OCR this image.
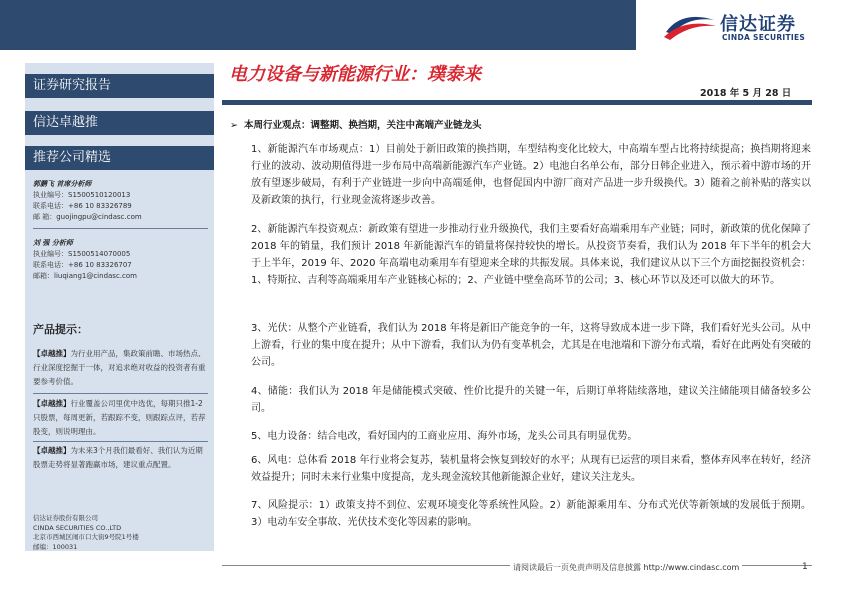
信达证券
CINDA SECURITIES
证券研究报告
信达卓越推
推荐公司精选
郭鹏飞 首席分析师
执业编号：S1500510120013
联系电话：+86 10 83326789
邮 箱：guojingpu@cindasc.com
刘 强 分析师
执业编号：S1500514070005
联系电话：+86 10 83326707
邮箱：liuqiang1@cindasc.com
产品提示：
【卓越推】为行业用产品，集政策前瞻、市场热点、行业深度挖掘于一体，对追求绝对收益的投资者有重要参考价值。
【卓越推】行业覆盖公司里优中选优，每期只推1-2只股票，每周更新，若跟踪不变，则跟踪点评，若荐股变，则说明理由。
【卓越推】为未来3个月我们最看好、我们认为近期股票走势将显著跑赢市场，建议重点配置。
信达证券股份有限公司
CINDA SECURITIES CO.,LTD
北京市西城区闹市口大街9号院1号楼
邮编：100031
电力设备与新能源行业：璞泰来
2018 年 5 月 28 日
➢ 本周行业观点：调整期、换挡期，关注中高端产业链龙头
1、新能源汽车市场观点：1）目前处于新旧政策的换挡期，车型结构变化比较大，中高端车型占比将持续提高；换挡期将迎来行业的波动、波动期值得进一步布局中高端新能源汽车产业链。2）电池白名单公布，部分日韩企业进入，预示着中游市场的开放有望逐步破局，有利于产业链进一步向中高端延伸，也督促国内中游厂商对产品进一步升级换代。3）随着之前补贴的落实以及新政策的执行，行业现金流将逐步改善。
2、新能源汽车投资观点：新政策有望进一步推动行业升级换代，我们主要看好高端乘用车产业链；同时，新政策的优化保障了 2018 年的销量，我们预计 2018 年新能源汽车的销量将保持较快的增长。从投资节奏看，我们认为 2018 年下半年的机会大于上半年，2019 年、2020 年高端电动乘用车有望迎来全球的共振发展。具体来说，我们建议从以下三个方面挖掘投资机会：1、特斯拉、吉利等高端乘用车产业链核心标的；2、产业链中壁垒高环节的公司；3、核心环节以及还可以做大的环节。
3、光伏：从整个产业链看，我们认为 2018 年将是新旧产能竞争的一年，这将导致成本进一步下降，我们看好光头公司。从中上游看，行业的集中度在提升；从中下游看，我们认为仍有变革机会，尤其是在电池端和下游分布式端，看好在此两处有突破的公司。
4、储能：我们认为 2018 年是储能模式突破、性价比提升的关键一年，后期订单将陆续落地，建议关注储能项目储备较多公司。
5、电力设备：结合电改，看好国内的工商业应用、海外市场，龙头公司具有明显优势。
6、风电：总体看 2018 年行业将会复苏，装机量将会恢复到较好的水平；从现有已运营的项目来看，整体弃风率在转好，经济效益提升；同时未来行业集中度提高，龙头现金流较其他新能源企业好，建议关注龙头。
7、风险提示：1）政策支持不到位、宏观环境变化等系统性风险。2）新能源乘用车、分布式光伏等新领域的发展低于预期。3）电动车安全事故、光伏技术变化等因素的影响。
请阅读最后一页免责声明及信息披露 http://www.cindasc.com	1
